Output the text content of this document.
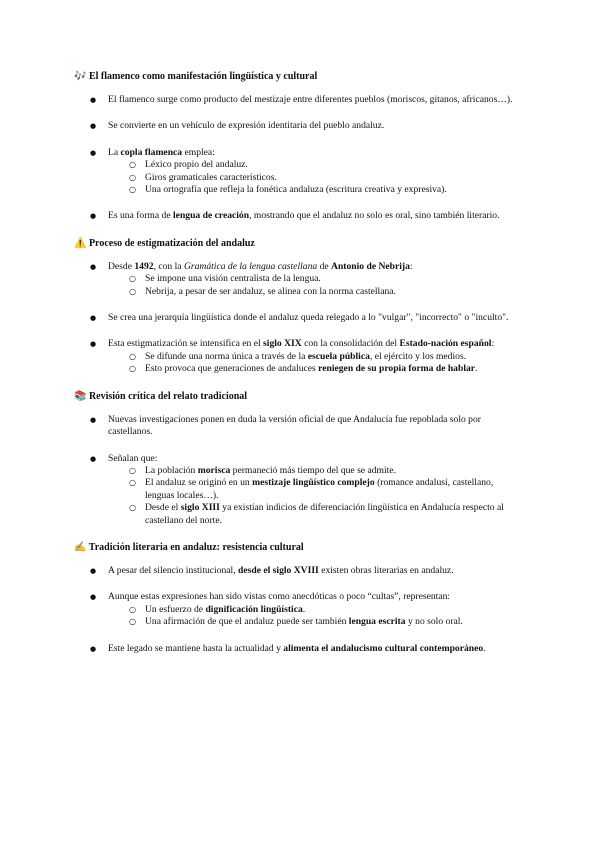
🎶 El flamenco como manifestación lingüística y cultural
● El flamenco surge como producto del mestizaje entre diferentes pueblos (moriscos, gitanos, africanos…).
● Se convierte en un vehículo de expresión identitaria del pueblo andaluz.
● La copla flamenca emplea:
○ Léxico propio del andaluz.
○ Giros gramaticales característicos.
○ Una ortografía que refleja la fonética andaluza (escritura creativa y expresiva).
● Es una forma de lengua de creación, mostrando que el andaluz no solo es oral, sino también literario.
⚠️ Proceso de estigmatización del andaluz
● Desde 1492, con la Gramática de la lengua castellana de Antonio de Nebrija:
○ Se impone una visión centralista de la lengua.
○ Nebrija, a pesar de ser andaluz, se alinea con la norma castellana.
● Se crea una jerarquía lingüística donde el andaluz queda relegado a lo "vulgar", "incorrecto" o "inculto".
● Esta estigmatización se intensifica en el siglo XIX con la consolidación del Estado-nación español:
○ Se difunde una norma única a través de la escuela pública, el ejército y los medios.
○ Esto provoca que generaciones de andaluces reniegen de su propia forma de hablar.
📚 Revisión crítica del relato tradicional
● Nuevas investigaciones ponen en duda la versión oficial de que Andalucía fue repoblada solo por castellanos.
● Señalan que:
○ La población morisca permaneció más tiempo del que se admite.
○ El andaluz se originó en un mestizaje lingüístico complejo (romance andalusí, castellano, lenguas locales…).
○ Desde el siglo XIII ya existían indicios de diferenciación lingüística en Andalucía respecto al castellano del norte.
✍️ Tradición literaria en andaluz: resistencia cultural
● A pesar del silencio institucional, desde el siglo XVIII existen obras literarias en andaluz.
● Aunque estas expresiones han sido vistas como anecdóticas o poco “cultas”, representan:
○ Un esfuerzo de dignificación lingüística.
○ Una afirmación de que el andaluz puede ser también lengua escrita y no solo oral.
● Este legado se mantiene hasta la actualidad y alimenta el andalucismo cultural contemporáneo.
